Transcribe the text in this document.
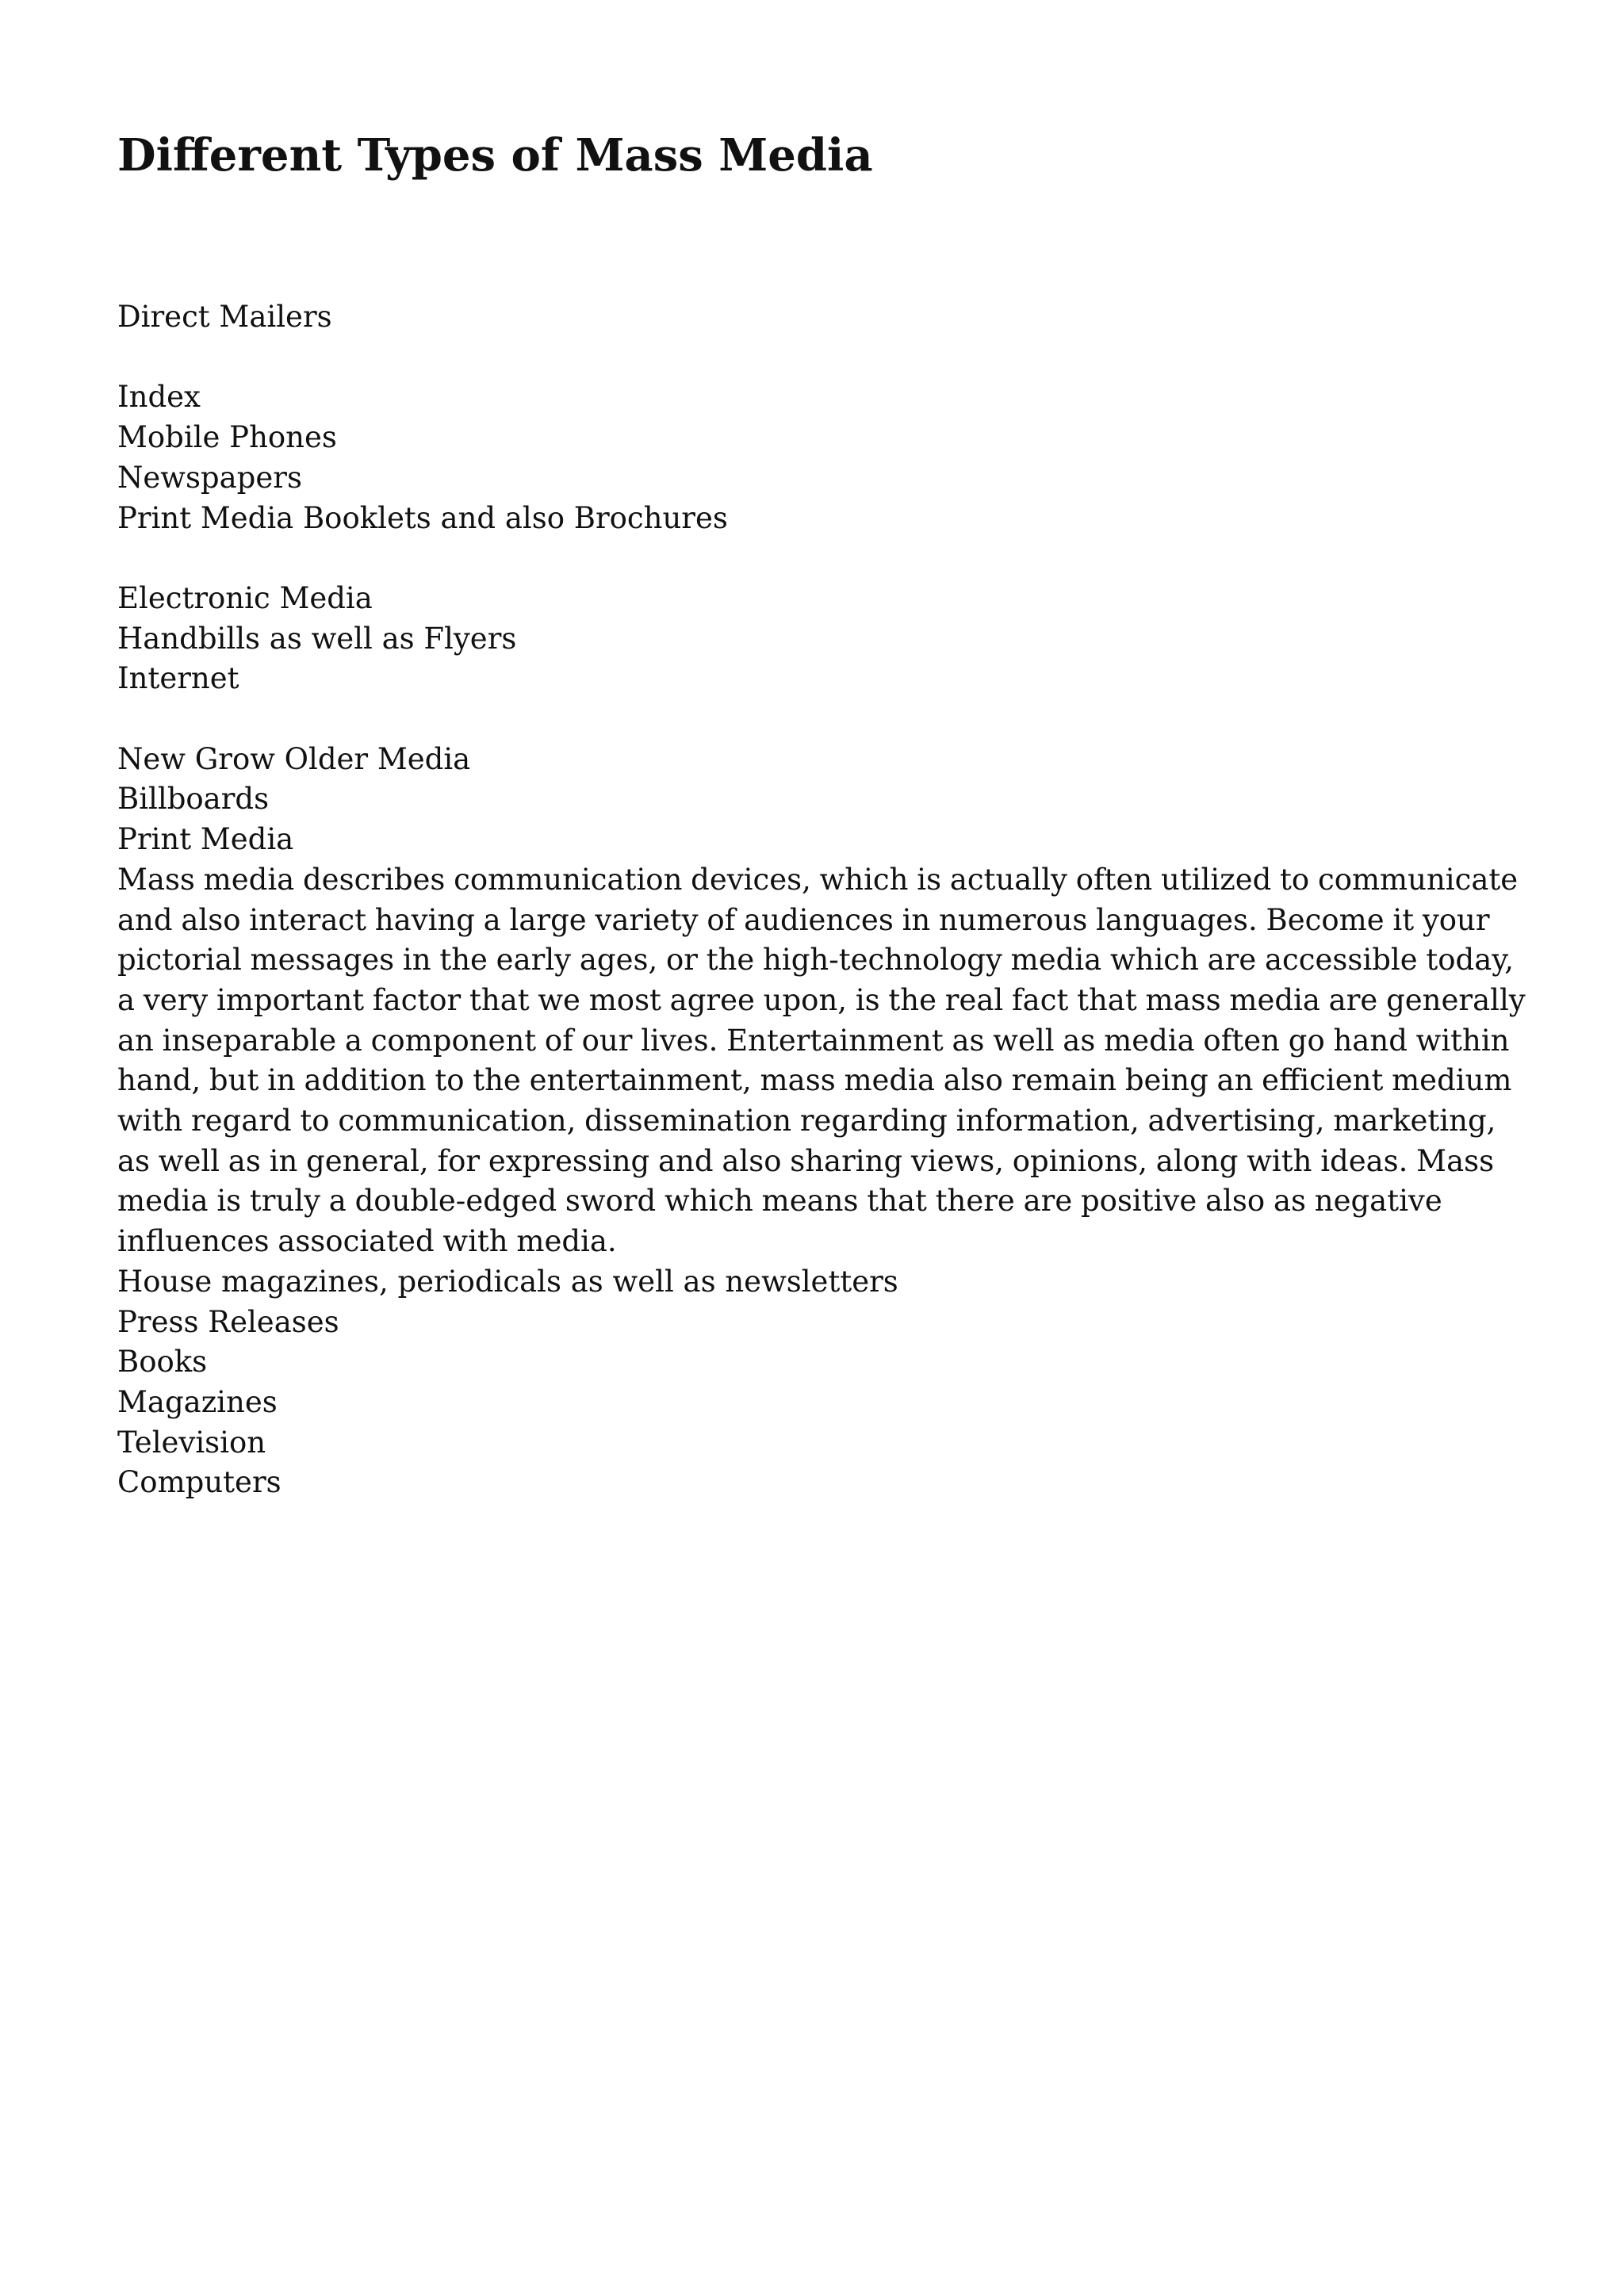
Different Types of Mass Media
Direct Mailers
Index
Mobile Phones
Newspapers
Print Media Booklets and also Brochures
Electronic Media
Handbills as well as Flyers
Internet
New Grow Older Media
Billboards
Print Media
Mass media describes communication devices, which is actually often utilized to communicate and also interact having a large variety of audiences in numerous languages. Become it your pictorial messages in the early ages, or the high-technology media which are accessible today, a very important factor that we most agree upon, is the real fact that mass media are generally an inseparable a component of our lives. Entertainment as well as media often go hand within hand, but in addition to the entertainment, mass media also remain being an efficient medium with regard to communication, dissemination regarding information, advertising, marketing, as well as in general, for expressing and also sharing views, opinions, along with ideas. Mass media is truly a double-edged sword which means that there are positive also as negative influences associated with media.
House magazines, periodicals as well as newsletters
Press Releases
Books
Magazines
Television
Computers
